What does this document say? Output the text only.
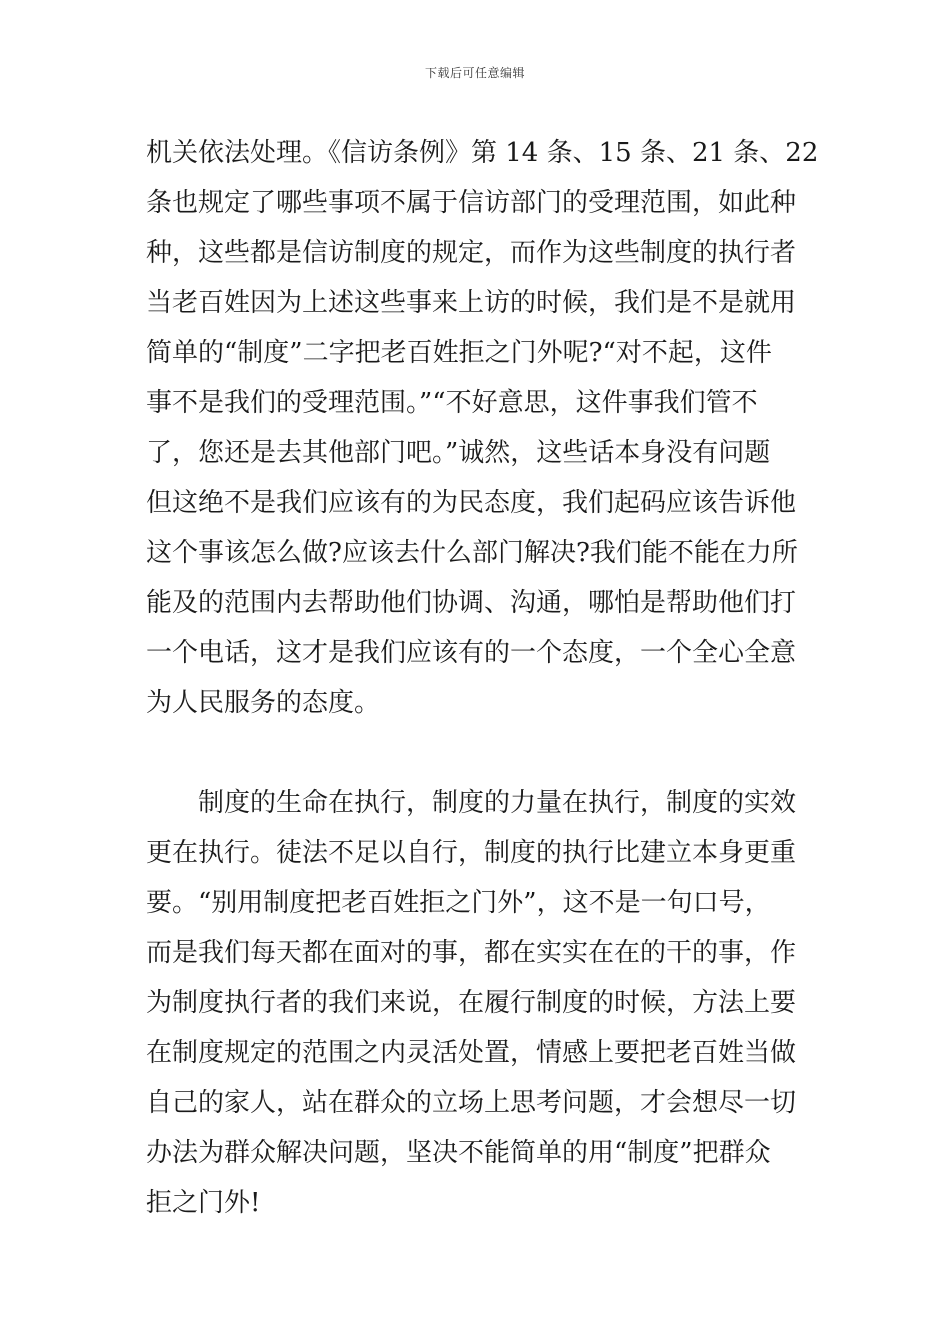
下载后可任意编辑
机关依法处理。《信访条例》第 14 条、15 条、21 条、22
条也规定了哪些事项不属于信访部门的受理范围，如此种
种，这些都是信访制度的规定，而作为这些制度的执行者
当老百姓因为上述这些事来上访的时候，我们是不是就用
简单的“制度”二字把老百姓拒之门外呢?“对不起，这件
事不是我们的受理范围。”“不好意思，这件事我们管不
了，您还是去其他部门吧。”诚然，这些话本身没有问题
但这绝不是我们应该有的为民态度，我们起码应该告诉他
这个事该怎么做?应该去什么部门解决?我们能不能在力所
能及的范围内去帮助他们协调、沟通，哪怕是帮助他们打
一个电话，这才是我们应该有的一个态度，一个全心全意
为人民服务的态度。
制度的生命在执行，制度的力量在执行，制度的实效
更在执行。徒法不足以自行，制度的执行比建立本身更重
要。“别用制度把老百姓拒之门外”，这不是一句口号，
而是我们每天都在面对的事，都在实实在在的干的事，作
为制度执行者的我们来说，在履行制度的时候，方法上要
在制度规定的范围之内灵活处置，情感上要把老百姓当做
自己的家人，站在群众的立场上思考问题，才会想尽一切
办法为群众解决问题，坚决不能简单的用“制度”把群众
拒之门外!
